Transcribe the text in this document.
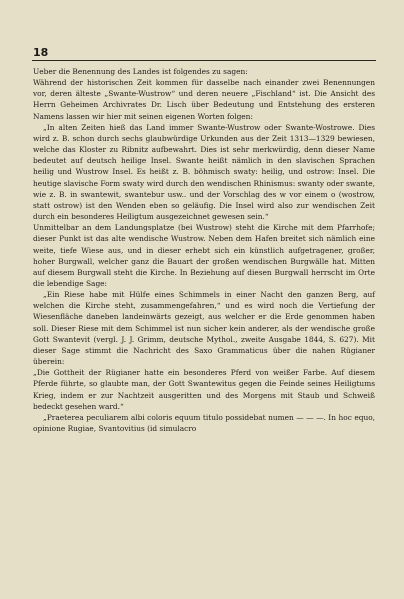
18

Ueber die Benennung des Landes ist folgendes zu sagen:

Während der historischen Zeit kommen für dasselbe nach einander zwei Benennungen vor, deren älteste „Swante-Wustrow“ und deren neuere „Fischland“ ist. Die Ansicht des Herrn Geheimen Archivrates Dr. Lisch über Bedeutung und Entstehung des ersteren Namens lassen wir hier mit seinen eigenen Worten folgen:

„In alten Zeiten hieß das Land immer Swante-Wustrow oder Swante-Wostrowe. Dies wird z. B. schon durch sechs glaubwürdige Urkunden aus der Zeit 1313—1329 bewiesen, welche das Kloster zu Ribnitz aufbewahrt. Dies ist sehr merkwürdig, denn dieser Name bedeutet auf deutsch heilige Insel. Swante heißt nämlich in den slavischen Sprachen heilig und Wustrow Insel. Es heißt z. B. böhmisch swaty: heilig, und ostrow: Insel. Die heutige slavische Form swaty wird durch den wendischen Rhinismus: swanty oder swante, wie z. B. in swantewit, swantebur usw.. und der Vorschlag des w vor einem o (wostrow, statt ostrow) ist den Wenden eben so geläufig. Die Insel wird also zur wendischen Zeit durch ein besonderes Heiligtum ausgezeichnet gewesen sein.“

Unmittelbar an dem Landungsplatze (bei Wustrow) steht die Kirche mit dem Pfarrhofe; dieser Punkt ist das alte wendische Wustrow. Neben dem Hafen breitet sich nämlich eine weite, tiefe Wiese aus, und in dieser erhebt sich ein künstlich aufgetragener, großer, hoher Burgwall, welcher ganz die Bauart der großen wendischen Burgwälle hat. Mitten auf diesem Burgwall steht die Kirche. In Beziehung auf diesen Burgwall herrscht im Orte die lebendige Sage:

„Ein Riese habe mit Hülfe eines Schimmels in einer Nacht den ganzen Berg, auf welchen die Kirche steht, zusammengefahren,“ und es wird noch die Vertiefung der Wiesenfläche daneben landeinwärts gezeigt, aus welcher er die Erde genommen haben soll. Dieser Riese mit dem Schimmel ist nun sicher kein anderer, als der wendische große Gott Swantevit (vergl. J. J. Grimm, deutsche Mythol., zweite Ausgabe 1844, S. 627). Mit dieser Sage stimmt die Nachricht des Saxo Grammaticus über die nahen Rügianer überein:

„Die Gottheit der Rügianer hatte ein besonderes Pferd von weißer Farbe. Auf diesem Pferde führte, so glaubte man, der Gott Swantewitus gegen die Feinde seines Heiligtums Krieg, indem er zur Nachtzeit ausgeritten und des Morgens mit Staub und Schweiß bedeckt gesehen ward.“

„Praeterea peculiarem albi coloris equum titulo possidebat numen — — —. In hoc equo, opinione Rugiae, Svantovitius (id simulacro
